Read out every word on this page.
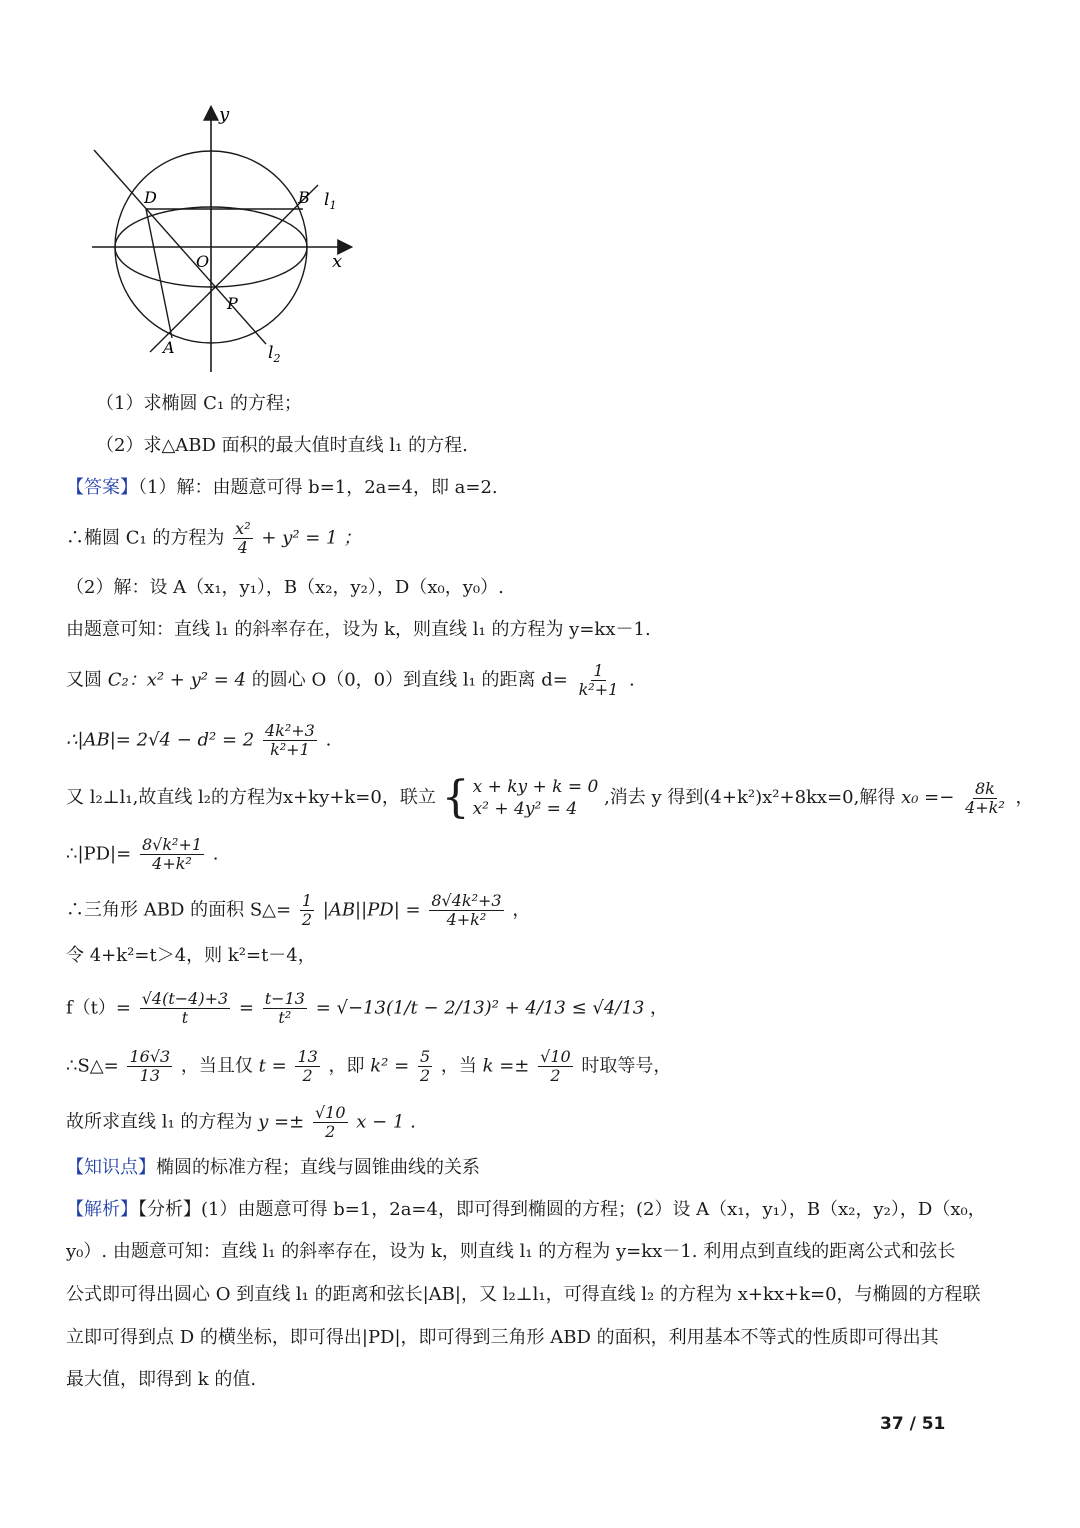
y
x
O
D	B $l_1$
P
A	$l_2$
（1）求椭圆 C₁ 的方程；
（2）求△ABD 面积的最大值时直线 l₁ 的方程.
【答案】（1）解：由题意可得 b=1，2a=4，即 a=2.
∴椭圆 C₁ 的方程为 $\frac{\text{x²}}{4} + y^2 = 1$ ；
（2）解：设 A（x₁，y₁），B（x₂，y₂），D（x₀，y₀）.
由题意可知：直线 l₁ 的斜率存在，设为 k，则直线 l₁ 的方程为 y=kx－1.
又圆 C₂：x² + y² = 4 的圆心 O（0，0）到直线 l₁ 的距离 $d= \frac{1}{\text{k²+1}}$ .
∴|AB|= $2√4 - d^2 = 2 \frac{\text{4k²+3}}{\text{k²+1}}$ .
又 l₂⊥l₁,故直线 l₂的方程为x+ky+k=0，联立 { x + ky + k = 0
x² + 4y² = 4
,消去 y 得到(4+k²)x²+8kx=0,解得 $x_0 =- \frac{8k}{\text{4+k²}}$ ，
∴|PD|= $\frac{\text{8√k²+1}}{\text{4+k²}}$ .
∴三角形 ABD 的面积 S△= $\frac{1}{2} |AB||PD| = \frac{\text{8√4k²+3}}{\text{4+k²}}$ ，
令 4+k²=t＞4，则 k²=t－4，
$f(t)= \frac{√4(t-4)+3}{t} = \frac{t-13}{\text{t²}} = √-13(1/t - 2/13)^2 + 4/13 \le √4/13$ ，
∴S△= $\frac{16√3}{13}$ ，当且仅 $t = \frac{13}{2}$ ，即 $k^2 = \frac{5}{2}$ ，当 $k =\pm \frac{√10}{2}$ 时取等号，
故所求直线 l₁ 的方程为 $y =\pm \frac{√10}{2}$ x − 1 .
【知识点】椭圆的标准方程；直线与圆锥曲线的关系
【解析】【分析】(1）由题意可得 b=1，2a=4，即可得到椭圆的方程；(2）设 A（x₁，y₁），B（x₂，y₂），D（x₀，
y₀）. 由题意可知：直线 l₁ 的斜率存在，设为 k，则直线 l₁ 的方程为 y=kx－1. 利用点到直线的距离公式和弦长
公式即可得出圆心 O 到直线 l₁ 的距离和弦长|AB|，又 l₂⊥l₁，可得直线 l₂ 的方程为 x+kx+k=0，与椭圆的方程联
立即可得到点 D 的横坐标，即可得出|PD|，即可得到三角形 ABD 的面积，利用基本不等式的性质即可得出其
最大值，即得到 k 的值.
37 / 51
